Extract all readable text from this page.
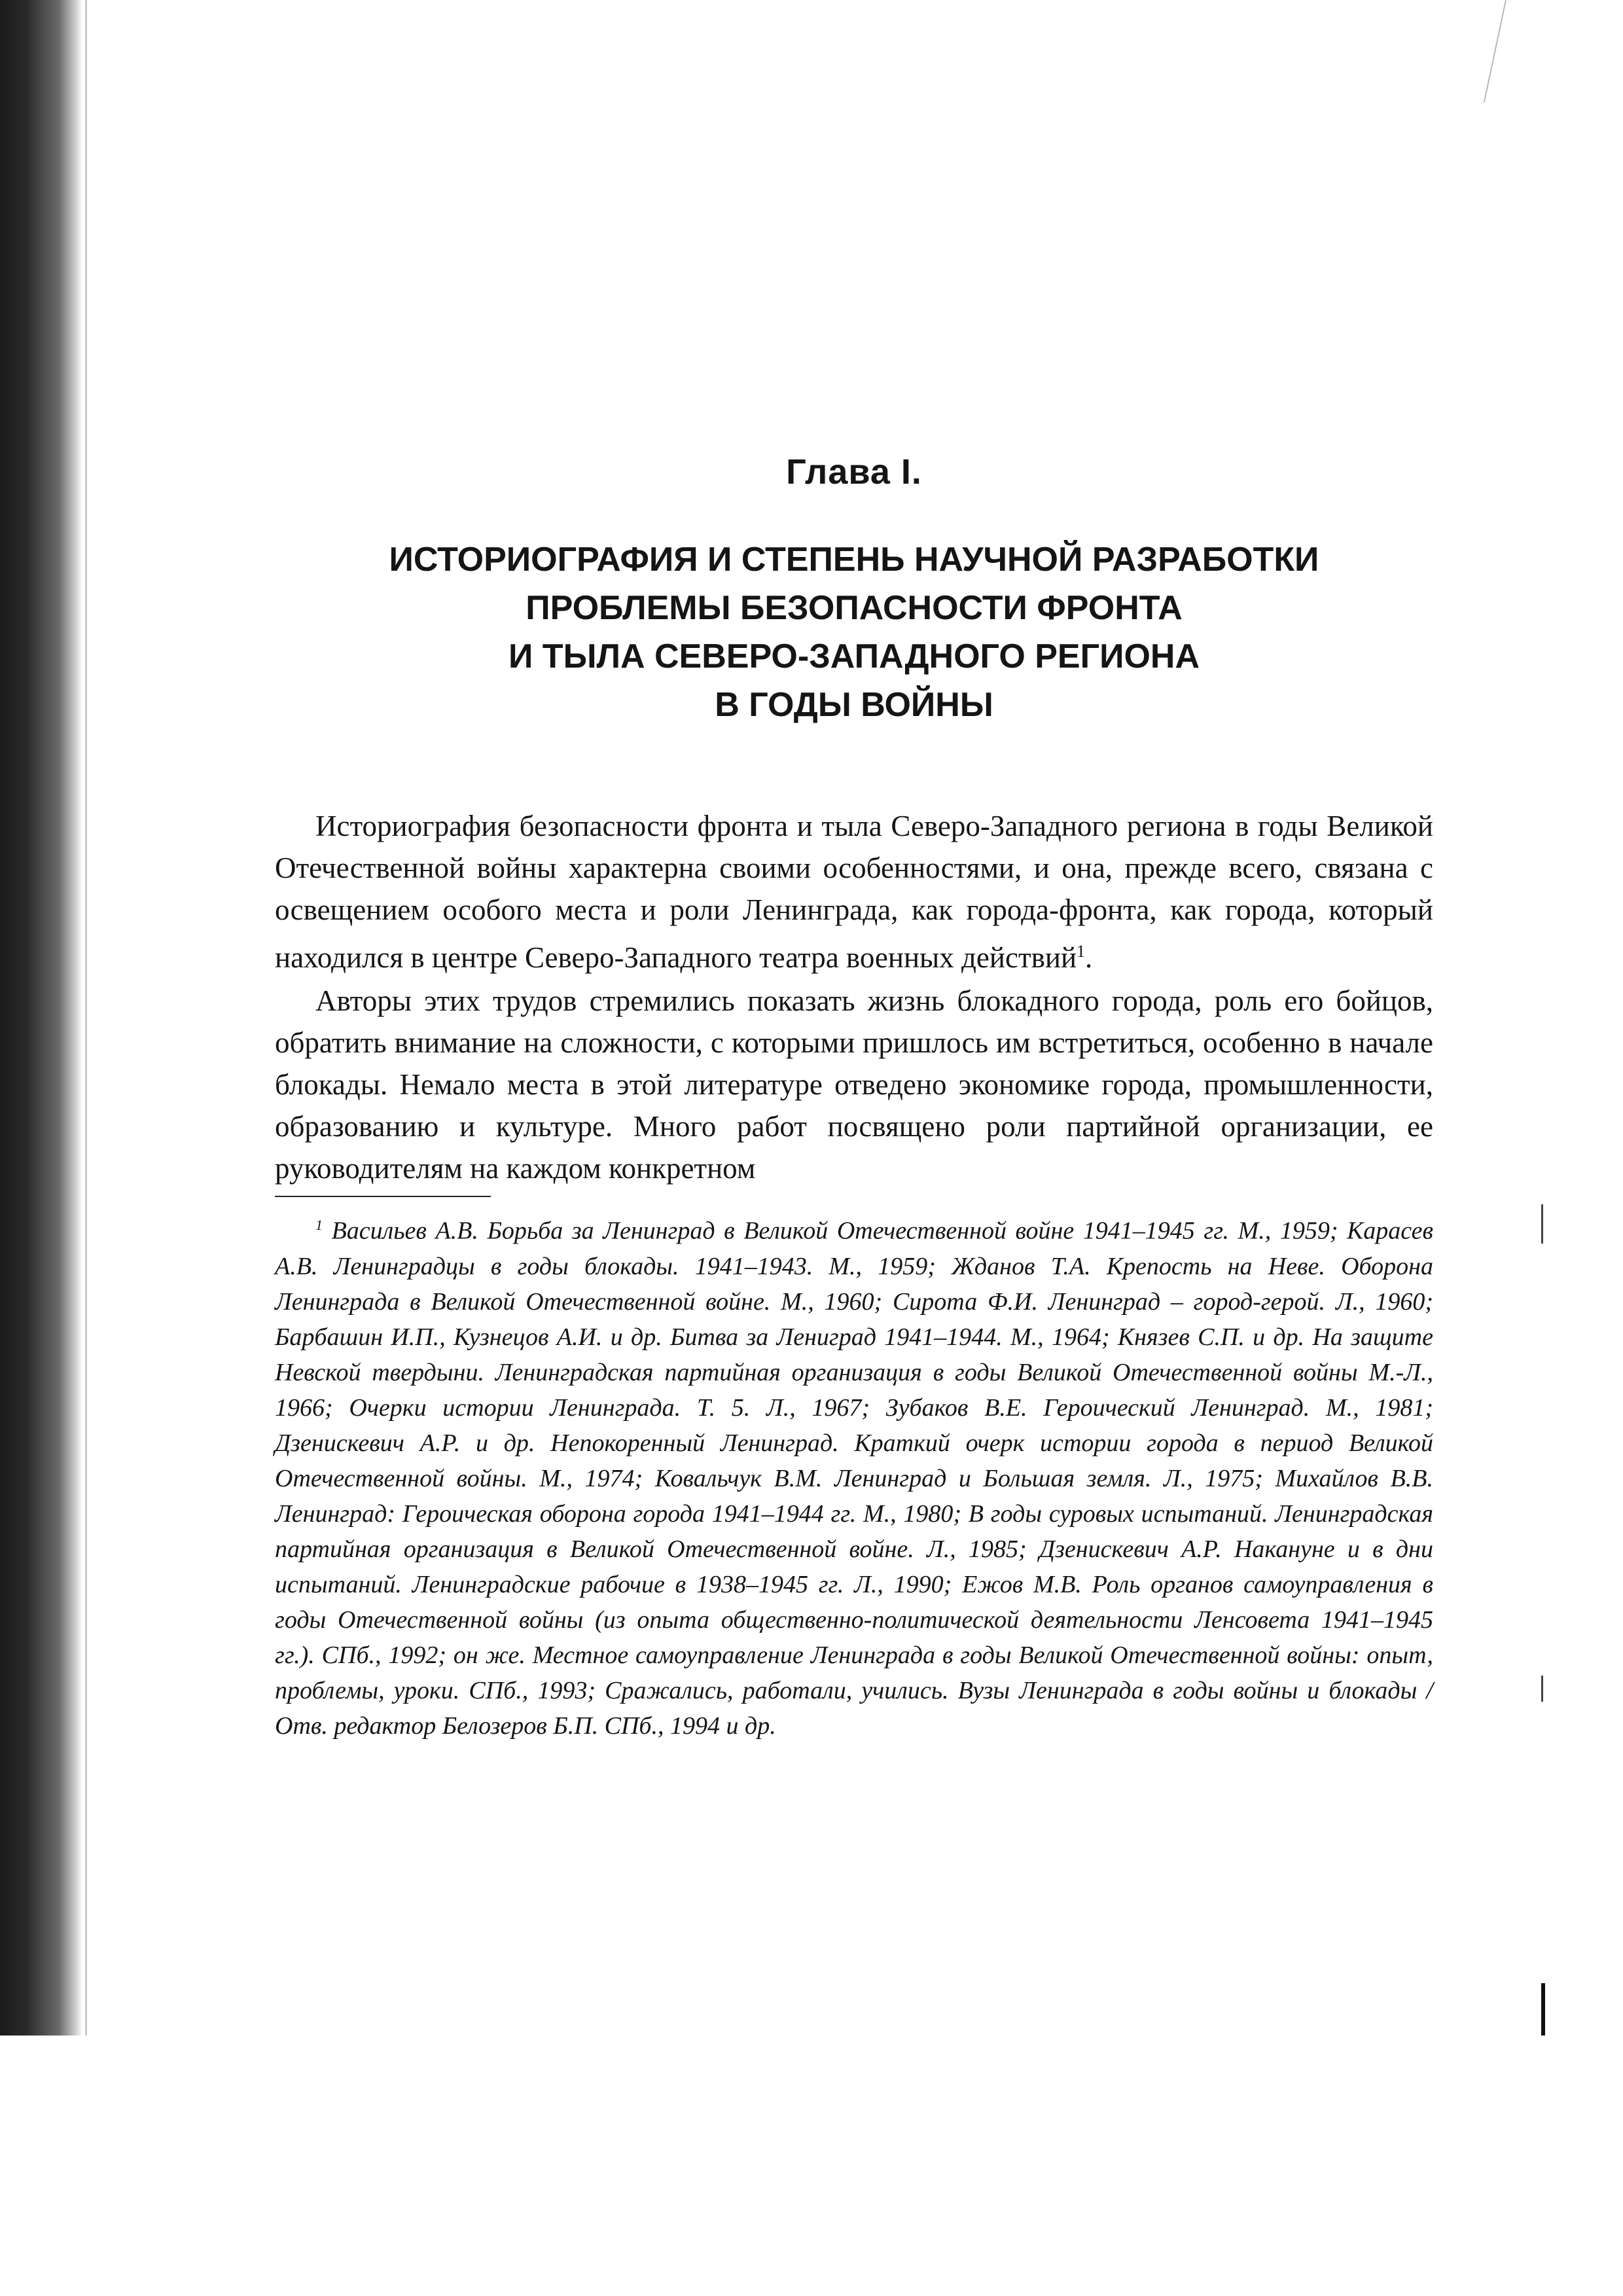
Глава I.
ИСТОРИОГРАФИЯ И СТЕПЕНЬ НАУЧНОЙ РАЗРАБОТКИ
ПРОБЛЕМЫ БЕЗОПАСНОСТИ ФРОНТА
И ТЫЛА СЕВЕРО-ЗАПАДНОГО РЕГИОНА
В ГОДЫ ВОЙНЫ

Историография безопасности фронта и тыла Северо-Западного региона в годы Великой Отечественной войны характерна своими особенностями, и она, прежде всего, связана с освещением особого места и роли Ленинграда, как города-фронта, как города, который находился в центре Северо-Западного театра военных действий$^1$.

Авторы этих трудов стремились показать жизнь блокадного города, роль его бойцов, обратить внимание на сложности, с которыми пришлось им встретиться, особенно в начале блокады. Немало места в этой литературе отведено экономике города, промышленности, образованию и культуре. Много работ посвящено роли партийной организации, ее руководителям на каждом конкретном

$^1$ Васильев А.В. Борьба за Ленинград в Великой Отечественной войне 1941–1945 гг. М., 1959; Карасев А.В. Ленинградцы в годы блокады. 1941–1943. М., 1959; Жданов Т.А. Крепость на Неве. Оборона Ленинграда в Великой Отечественной войне. М., 1960; Сирота Ф.И. Ленинград – город-герой. Л., 1960; Барбашин И.П., Кузнецов А.И. и др. Битва за Лениград 1941–1944. М., 1964; Князев С.П. и др. На защите Невской твердыни. Ленинградская партийная организация в годы Великой Отечественной войны М.-Л., 1966; Очерки истории Ленинграда. Т. 5. Л., 1967; Зубаков В.Е. Героический Ленинград. М., 1981; Дзенискевич А.Р. и др. Непокоренный Ленинград. Краткий очерк истории города в период Великой Отечественной войны. М., 1974; Ковальчук В.М. Ленинград и Большая земля. Л., 1975; Михайлов В.В. Ленинград: Героическая оборона города 1941–1944 гг. М., 1980; В годы суровых испытаний. Ленинградская партийная организация в Великой Отечественной войне. Л., 1985; Дзенискевич А.Р. Накануне и в дни испытаний. Ленинградские рабочие в 1938–1945 гг. Л., 1990; Ежов М.В. Роль органов самоуправления в годы Отечественной войны (из опыта общественно-политической деятельности Ленсовета 1941–1945 гг.). СПб., 1992; он же. Местное самоуправление Ленинграда в годы Великой Отечественной войны: опыт, проблемы, уроки. СПб., 1993; Сражались, работали, учились. Вузы Ленинграда в годы войны и блокады / Отв. редактор Белозеров Б.П. СПб., 1994 и др.
